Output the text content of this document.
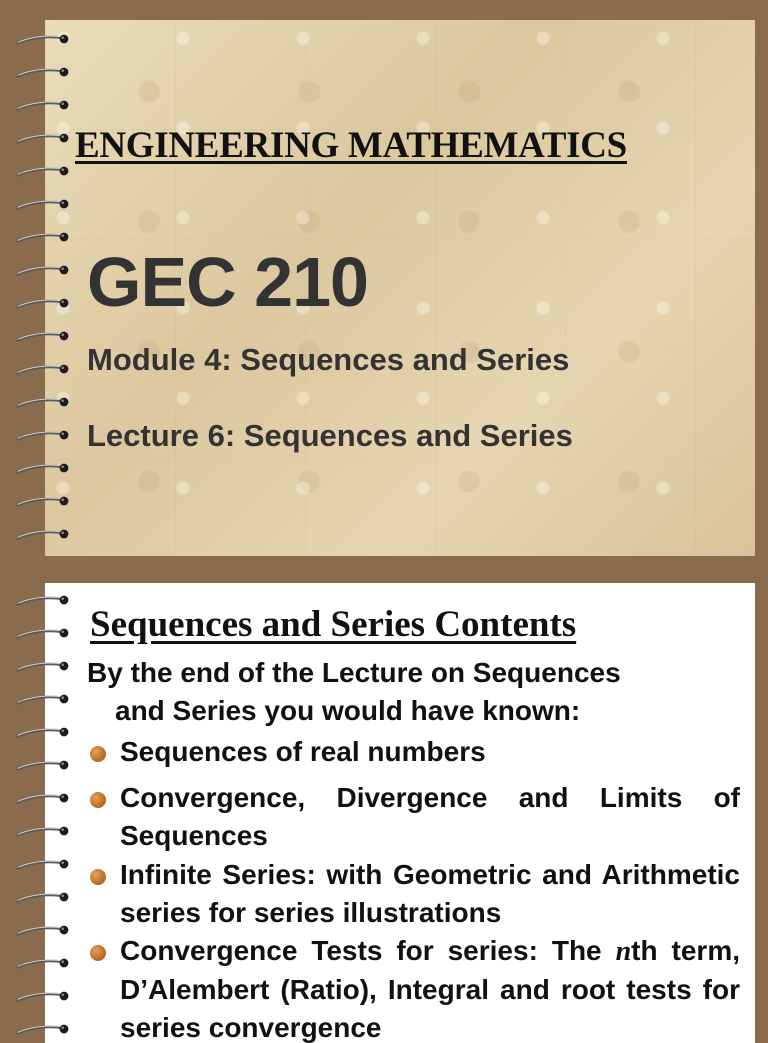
ENGINEERING MATHEMATICS
GEC 210
Module 4: Sequences and Series
Lecture 6: Sequences and Series
Sequences and Series Contents
By the end of the Lecture on Sequences
and Series you would have known:
Sequences of real numbers
Convergence, Divergence and Limits of Sequences
Infinite Series: with Geometric and Arithmetic series for series illustrations
Convergence Tests for series: The nth term, D’Alembert (Ratio), Integral and root tests for series convergence
